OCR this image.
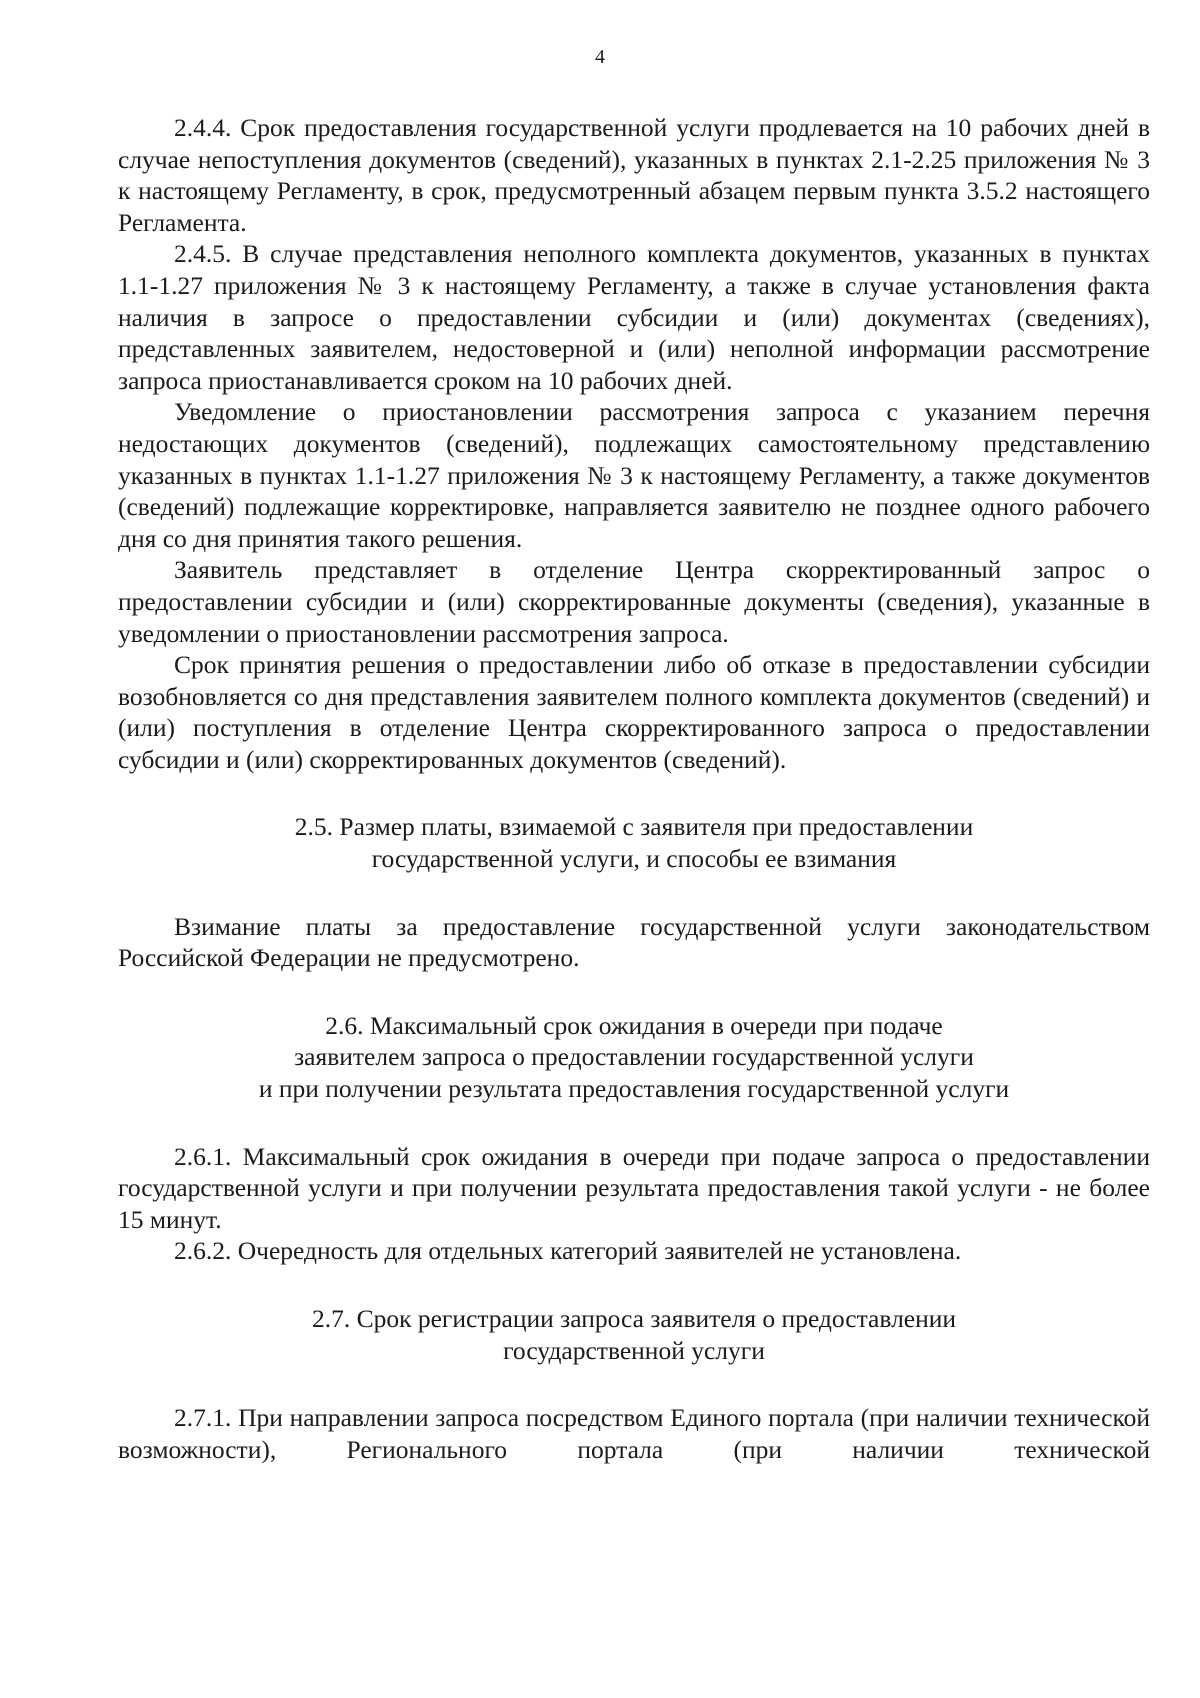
4

2.4.4. Срок предоставления государственной услуги продлевается на 10 рабочих дней в случае непоступления документов (сведений), указанных в пунктах 2.1-2.25 приложения № 3 к настоящему Регламенту, в срок, предусмотренный абзацем первым пункта 3.5.2 настоящего Регламента.

2.4.5. В случае представления неполного комплекта документов, указанных в пунктах 1.1-1.27 приложения № 3 к настоящему Регламенту, а также в случае установления факта наличия в запросе о предоставлении субсидии и (или) документах (сведениях), представленных заявителем, недостоверной и (или) неполной информации рассмотрение запроса приостанавливается сроком на 10 рабочих дней.

Уведомление о приостановлении рассмотрения запроса с указанием перечня недостающих документов (сведений), подлежащих самостоятельному представлению указанных в пунктах 1.1-1.27 приложения № 3 к настоящему Регламенту, а также документов (сведений) подлежащие корректировке, направляется заявителю не позднее одного рабочего дня со дня принятия такого решения.

Заявитель представляет в отделение Центра скорректированный запрос о предоставлении субсидии и (или) скорректированные документы (сведения), указанные в уведомлении о приостановлении рассмотрения запроса.

Срок принятия решения о предоставлении либо об отказе в предоставлении субсидии возобновляется со дня представления заявителем полного комплекта документов (сведений) и (или) поступления в отделение Центра скорректированного запроса о предоставлении субсидии и (или) скорректированных документов (сведений).

2.5. Размер платы, взимаемой с заявителя при предоставлении
государственной услуги, и способы ее взимания

Взимание платы за предоставление государственной услуги законодательством Российской Федерации не предусмотрено.

2.6. Максимальный срок ожидания в очереди при подаче
заявителем запроса о предоставлении государственной услуги
и при получении результата предоставления государственной услуги

2.6.1. Максимальный срок ожидания в очереди при подаче запроса о предоставлении государственной услуги и при получении результата предоставления такой услуги - не более 15 минут.

2.6.2. Очередность для отдельных категорий заявителей не установлена.

2.7. Срок регистрации запроса заявителя о предоставлении
государственной услуги

2.7.1. При направлении запроса посредством Единого портала (при наличии технической возможности), Регионального портала (при наличии технической
